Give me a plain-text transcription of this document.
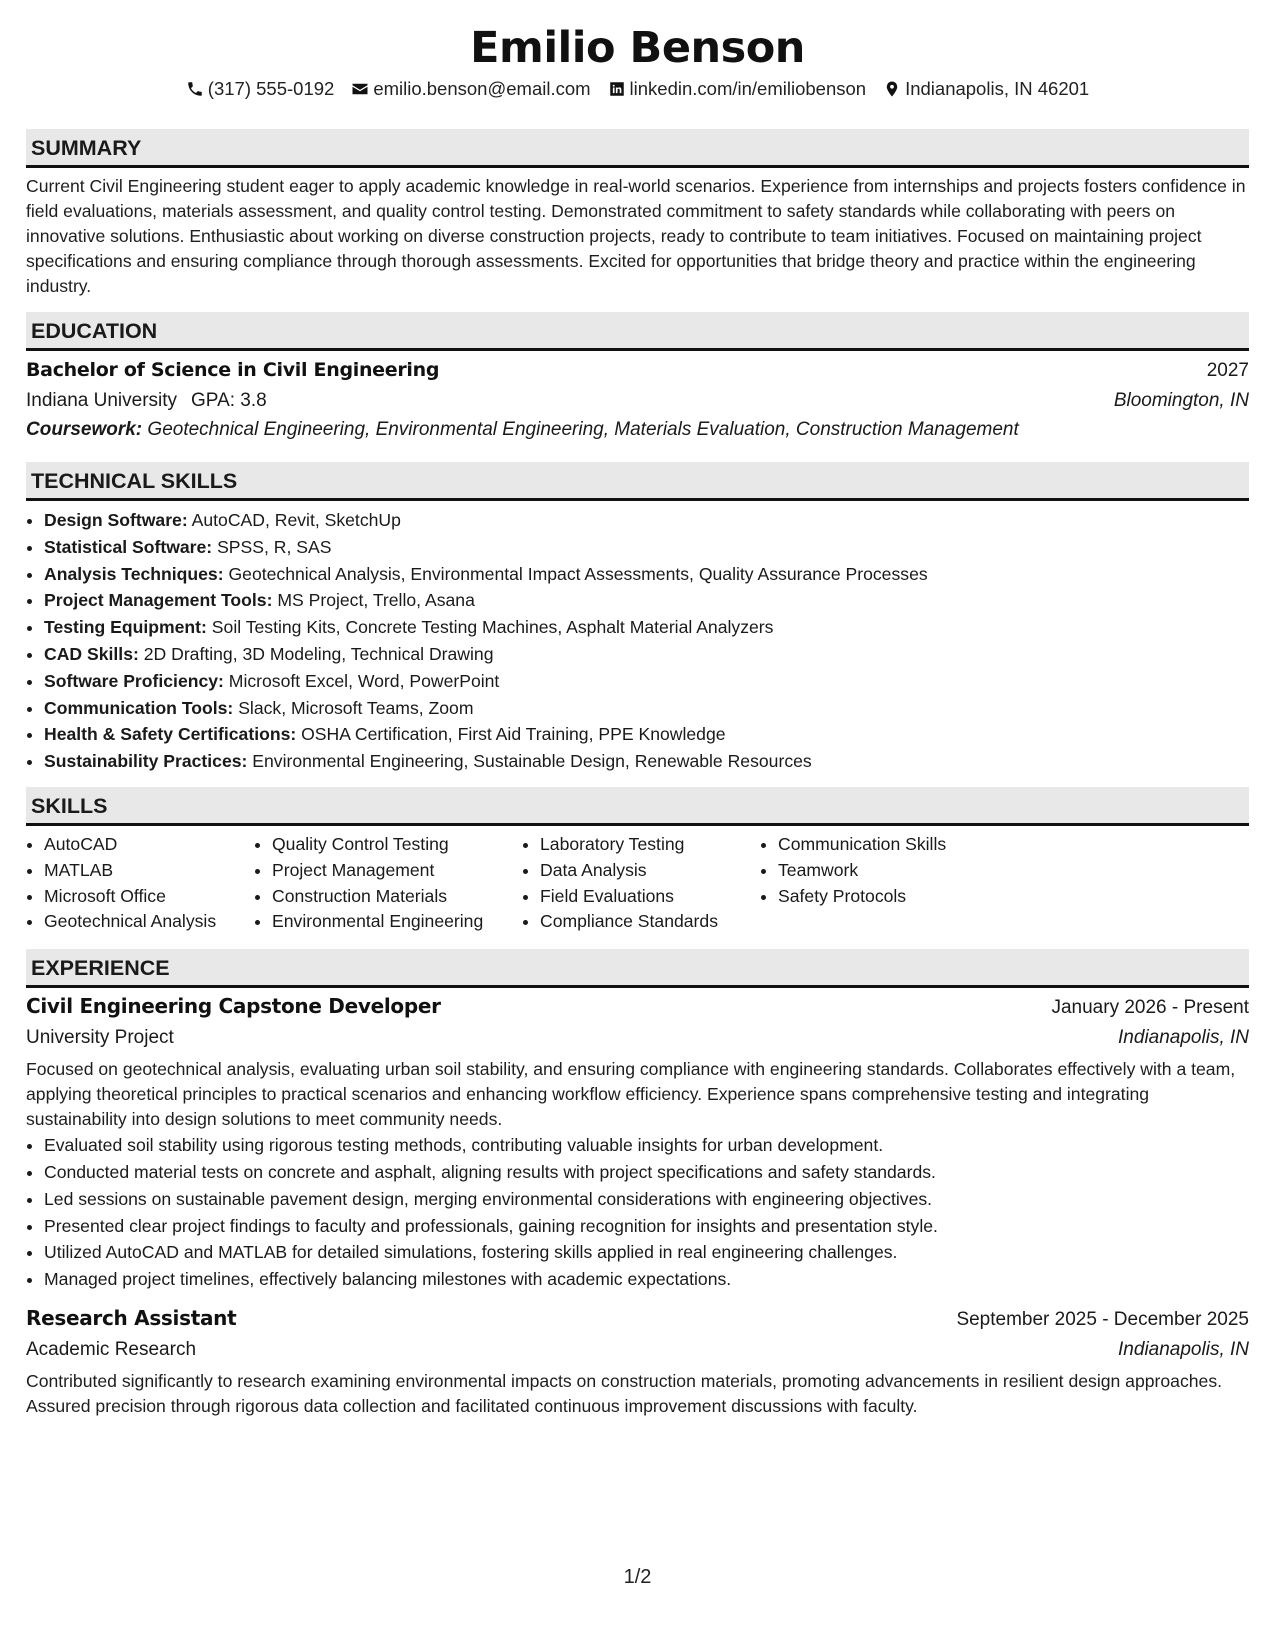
Emilio Benson
(317) 555-0192 emilio.benson@email.com linkedin.com/in/emiliobenson Indianapolis, IN 46201
SUMMARY
Current Civil Engineering student eager to apply academic knowledge in real-world scenarios. Experience from internships and projects fosters confidence in field evaluations, materials assessment, and quality control testing. Demonstrated commitment to safety standards while collaborating with peers on innovative solutions. Enthusiastic about working on diverse construction projects, ready to contribute to team initiatives. Focused on maintaining project specifications and ensuring compliance through thorough assessments. Excited for opportunities that bridge theory and practice within the engineering industry.
EDUCATION
Bachelor of Science in Civil Engineering	2027
Indiana University GPA: 3.8	Bloomington, IN
Coursework: Geotechnical Engineering, Environmental Engineering, Materials Evaluation, Construction Management
TECHNICAL SKILLS
• Design Software: AutoCAD, Revit, SketchUp
• Statistical Software: SPSS, R, SAS
• Analysis Techniques: Geotechnical Analysis, Environmental Impact Assessments, Quality Assurance Processes
• Project Management Tools: MS Project, Trello, Asana
• Testing Equipment: Soil Testing Kits, Concrete Testing Machines, Asphalt Material Analyzers
• CAD Skills: 2D Drafting, 3D Modeling, Technical Drawing
• Software Proficiency: Microsoft Excel, Word, PowerPoint
• Communication Tools: Slack, Microsoft Teams, Zoom
• Health & Safety Certifications: OSHA Certification, First Aid Training, PPE Knowledge
• Sustainability Practices: Environmental Engineering, Sustainable Design, Renewable Resources
SKILLS
• AutoCAD
• MATLAB
• Microsoft Office
• Geotechnical Analysis
• Quality Control Testing
• Project Management
• Construction Materials
• Environmental Engineering
• Laboratory Testing
• Data Analysis
• Field Evaluations
• Compliance Standards
• Communication Skills
• Teamwork
• Safety Protocols
EXPERIENCE
Civil Engineering Capstone Developer	January 2026 - Present
University Project	Indianapolis, IN
Focused on geotechnical analysis, evaluating urban soil stability, and ensuring compliance with engineering standards. Collaborates effectively with a team, applying theoretical principles to practical scenarios and enhancing workflow efficiency. Experience spans comprehensive testing and integrating sustainability into design solutions to meet community needs.
• Evaluated soil stability using rigorous testing methods, contributing valuable insights for urban development.
• Conducted material tests on concrete and asphalt, aligning results with project specifications and safety standards.
• Led sessions on sustainable pavement design, merging environmental considerations with engineering objectives.
• Presented clear project findings to faculty and professionals, gaining recognition for insights and presentation style.
• Utilized AutoCAD and MATLAB for detailed simulations, fostering skills applied in real engineering challenges.
• Managed project timelines, effectively balancing milestones with academic expectations.
Research Assistant	September 2025 - December 2025
Academic Research	Indianapolis, IN
Contributed significantly to research examining environmental impacts on construction materials, promoting advancements in resilient design approaches. Assured precision through rigorous data collection and facilitated continuous improvement discussions with faculty.
1/2
